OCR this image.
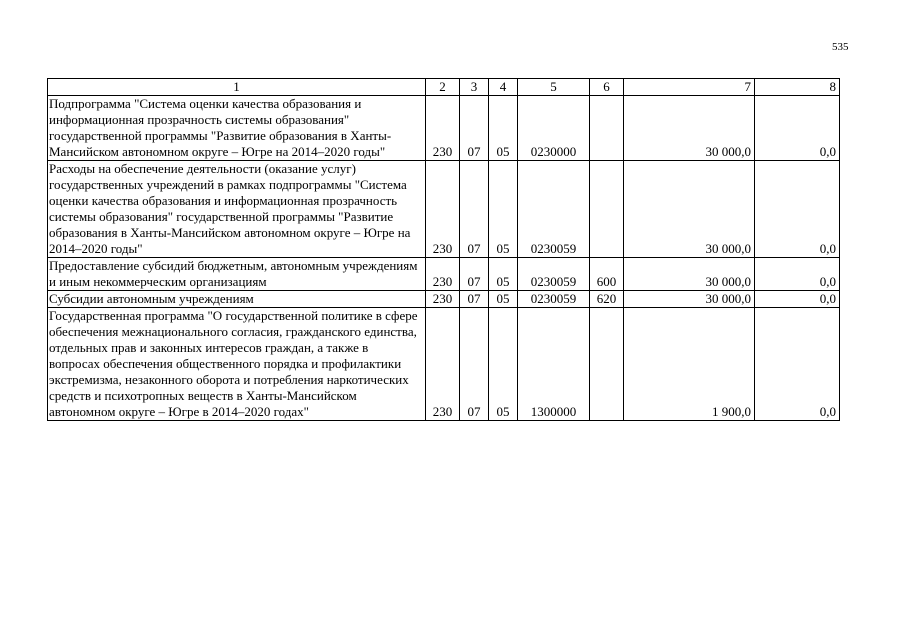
535
1	2	3	4	5	6	7	8
Подпрограмма "Система оценки качества образования и информационная прозрачность системы образования" государственной программы "Развитие образования в Ханты-Мансийском автономном округе – Югре на 2014–2020 годы"	230	07	05	0230000		30 000,0	0,0
Расходы на обеспечение деятельности (оказание услуг) государственных учреждений в рамках подпрограммы "Система оценки качества образования и информационная прозрачность системы образования" государственной программы "Развитие образования в Ханты-Мансийском автономном округе – Югре на 2014–2020 годы"	230	07	05	0230059		30 000,0	0,0
Предоставление субсидий бюджетным, автономным учреждениям и иным некоммерческим организациям	230	07	05	0230059	600	30 000,0	0,0
Субсидии автономным учреждениям	230	07	05	0230059	620	30 000,0	0,0
Государственная программа "О государственной политике в сфере обеспечения межнационального согласия, гражданского единства, отдельных прав и законных интересов граждан, а также в вопросах обеспечения общественного порядка и профилактики экстремизма, незаконного оборота и потребления наркотических средств и психотропных веществ в Ханты-Мансийском автономном округе – Югре в 2014–2020 годах"	230	07	05	1300000		1 900,0	0,0
